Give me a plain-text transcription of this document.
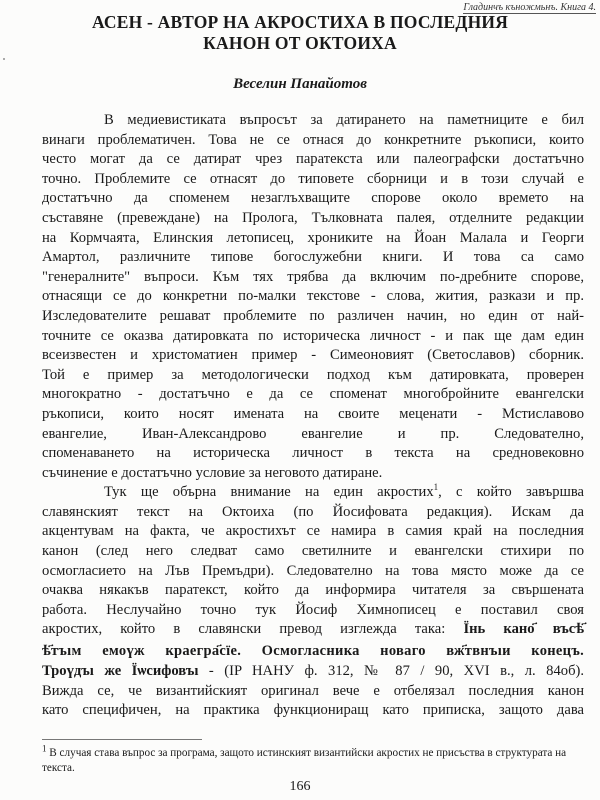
Гладинчъ къножмьнъ. Книга 4.
АСЕН - АВТОР НА АКРОСТИХА В ПОСЛЕДНИЯ
КАНОН ОТ ОКТОИХА
Веселин Панайотов
В медиевистиката въпросът за датирането на паметниците е бил
винаги проблематичен. Това не се отнася до конкретните ръкописи, които
често могат да се датират чрез паратекста или палеографски достатъчно
точно. Проблемите се отнасят до типовете сборници и в този случай е
достатъчно да споменем незаглъхващите спорове около времето на
съставяне (превеждане) на Пролога, Тълковната палея, отделните редакции
на Кормчаята, Елинския летописец, хрониките на Йоан Малала и Георги
Амартол, различните типове богослужебни книги. И това са само
"генералните" въпроси. Към тях трябва да включим по-дребните спорове,
отнасящи се до конкретни по-малки текстове - слова, жития, разкази и пр.
Изследователите решават проблемите по различен начин, но един от най-
точните се оказва датировката по историческа личност - и пак ще дам един
всеизвестен и христоматиен пример - Симеоновият (Светославов) сборник.
Той е пример за методологически подход към датировката, проверен
многократно - достатъчно е да се споменат многобройните евангелски
ръкописи, които носят имената на своите меценати - Мстиславово
евангелие, Иван-Александрово евангелие и пр. Следователно,
споменаването на историческа личност в текста на средновековно
съчинение е достатъчно условие за неговото датиране.
Тук ще обърна внимание на един акростих$^1$, с който завършва
славянският текст на Октоиха (по Йосифовата редакция). Искам да
акцентувам на факта, че акростихът се намира в самия край на последния
канон (след него следват само светилните и евангелски стихири по
осмогласието на Лъв Премъдри). Следователно на това място може да се
очаква някакъв паратекст, който да информира читателя за свършената
работа. Неслучайно точно тук Йосиф Химнописец е поставил своя
акростих, който в славянски превод изглежда така: Їнь кано҃ въсѣ҃
ѣ҃тъıм емоүж краегра҃сїе. Осмогласника новаго вж҃твнъıи конецъ.
Троүдъı же Їѡсифовъı - (IP НАНУ ф. 312, № 87 / 90, XVI в., л. 84об).
Вижда се, че византийският оригинал вече е отбелязал последния канон
като специфичен, на практика функциониращ като приписка, защото дава
$^1$ В случая става въпрос за програма, защото истинският византийски акростих не присъства в структурата на текста.
166
